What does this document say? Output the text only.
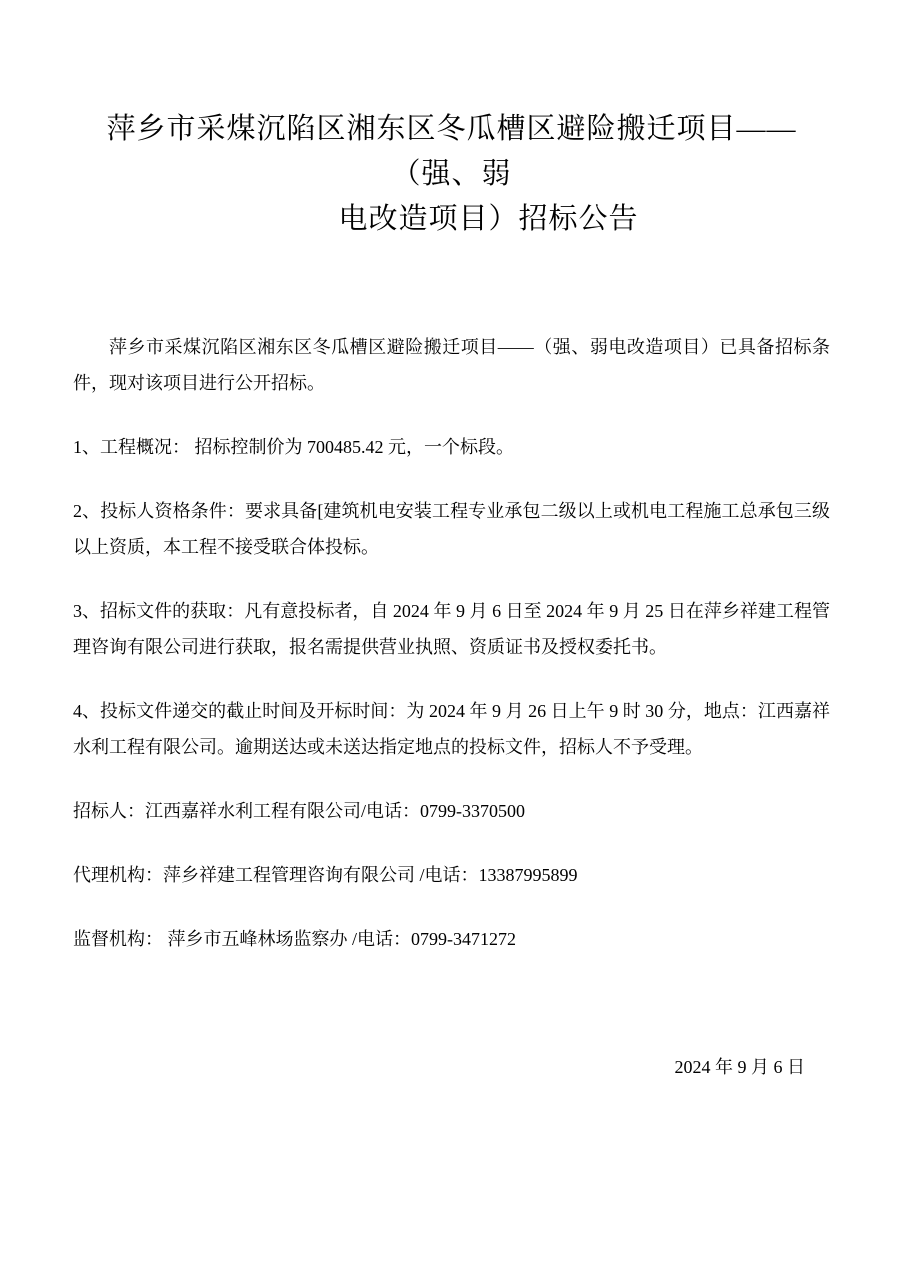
萍乡市采煤沉陷区湘东区冬瓜槽区避险搬迁项目——（强、弱
电改造项目）招标公告

萍乡市采煤沉陷区湘东区冬瓜槽区避险搬迁项目——（强、弱电改造项目）已具备招标条件，现对该项目进行公开招标。

1、工程概况： 招标控制价为 700485.42 元，一个标段。

2、投标人资格条件：要求具备[建筑机电安装工程专业承包二级以上或机电工程施工总承包三级以上资质，本工程不接受联合体投标。

3、招标文件的获取：凡有意投标者，自 2024 年 9 月 6 日至 2024 年 9 月 25 日在萍乡祥建工程管理咨询有限公司进行获取，报名需提供营业执照、资质证书及授权委托书。

4、投标文件递交的截止时间及开标时间：为 2024 年 9 月 26 日上午 9 时 30 分，地点：江西嘉祥水利工程有限公司。逾期送达或未送达指定地点的投标文件，招标人不予受理。

招标人：江西嘉祥水利工程有限公司/电话：0799-3370500

代理机构：萍乡祥建工程管理咨询有限公司 /电话：13387995899

监督机构： 萍乡市五峰林场监察办 /电话：0799-3471272

2024 年 9 月 6 日
